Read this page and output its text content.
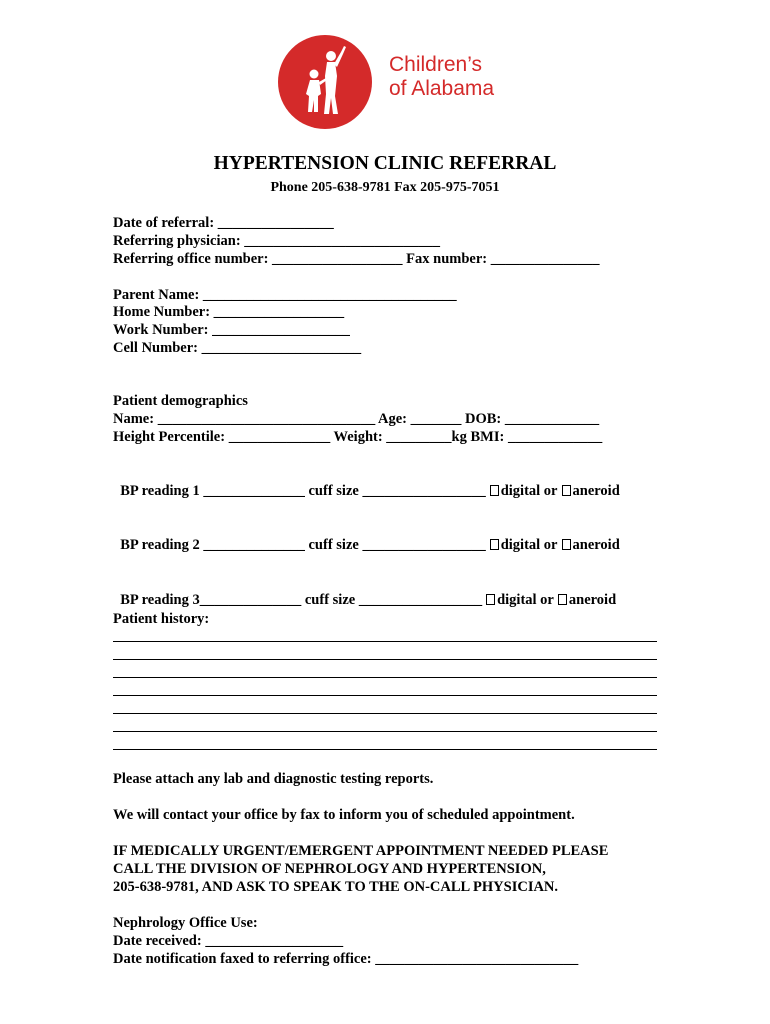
Children’s
of Alabama
HYPERTENSION CLINIC REFERRAL
Phone 205-638-9781 Fax 205-975-7051
Date of referral: ________________
Referring physician: ___________________________
Referring office number: __________________ Fax number: _______________
Parent Name: ___________________________________
Home Number: __________________
Work Number: ___________________
Cell Number: ______________________
Patient demographics
Name: ______________________________ Age: _______ DOB: _____________
Height Percentile: ______________ Weight: _________kg BMI: _____________

BP reading 1 ______________ cuff size _________________ digital or aneroid

BP reading 2 ______________ cuff size _________________ digital or aneroid

BP reading 3______________ cuff size _________________ digital or aneroid

Patient history:
Please attach any lab and diagnostic testing reports.
We will contact your office by fax to inform you of scheduled appointment.
IF MEDICALLY URGENT/EMERGENT APPOINTMENT NEEDED PLEASE
CALL THE DIVISION OF NEPHROLOGY AND HYPERTENSION,
205-638-9781, AND ASK TO SPEAK TO THE ON-CALL PHYSICIAN.
Nephrology Office Use:
Date received: ___________________
Date notification faxed to referring office: ____________________________
